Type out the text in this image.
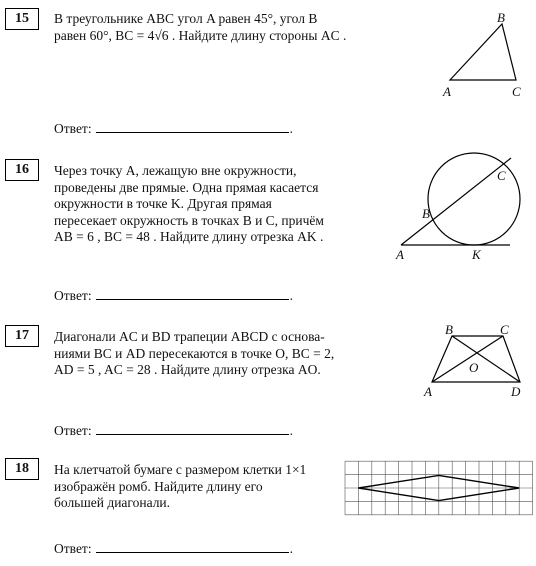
15	В треугольнике ABC угол A равен 45°, угол B
равен 60°, BC = 4√6 . Найдите длину стороны AC .
A
B
C
Ответ:	.
16	Через точку A, лежащую вне окружности,
проведены две прямые. Одна прямая касается
окружности в точке K. Другая прямая
пересекает окружность в точках B и C, причём
AB = 6 , BC = 48 . Найдите длину отрезка AK .
A
B
C
K
Ответ:	.
17	Диагонали AC и BD трапеции ABCD с основа-
ниями BC и AD пересекаются в точке O, BC = 2,
AD = 5 , AC = 28 . Найдите длину отрезка AO.
A
B	C
D
O
Ответ:	.
18	На клетчатой бумаге с размером клетки 1×1
изображён ромб. Найдите длину его
большей диагонали.
Ответ:	.
